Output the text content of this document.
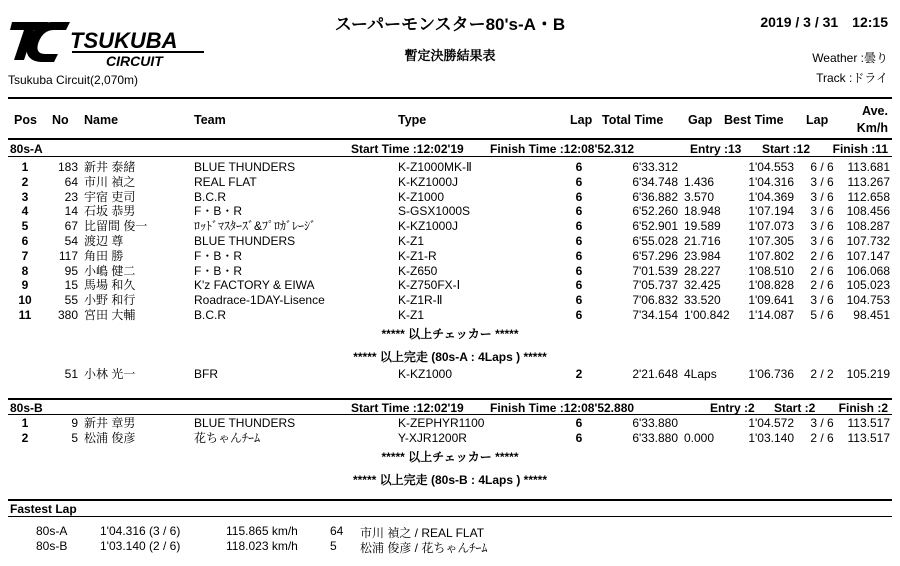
TSUKUBA
CIRCUIT
Tsukuba Circuit(2,070m)
スーパーモンスター80's-A・B
暫定決勝結果表
2019 / 3 / 31　12:15
Weather :曇り
Track :ドライ
Pos No Name	Team	Type	Lap Total Time Gap Best Time Lap
Ave.
Km/h
80s-A	Start Time :12:02'19 Finish Time :12:08'52.312	Entry :13 Start :12 Finish :11
1	183 新井 泰緒	BLUE THUNDERS	K-Z1000MK-Ⅱ	6	6'33.312	1'04.553	6 / 6	113.681
2	64 市川 禎之	REAL FLAT	K-KZ1000J	6	6'34.748 1.436	1'04.316	3 / 6	113.267
3	23 宇宿 吏司	B.C.R	K-Z1000	6	6'36.882 3.570	1'04.369	3 / 6	112.658
4	14 石坂 恭男	F・B・R	S-GSX1000S	6	6'52.260 18.948	1'07.194	3 / 6	108.456
5	67 比留間 俊一	ﾛｯﾄﾞﾏｽﾀｰｽﾞ&ﾌﾟﾛｶﾞﾚｰｼﾞ	K-KZ1000J	6	6'52.901 19.589	1'07.073	3 / 6	108.287
6	54 渡辺 尊	BLUE THUNDERS	K-Z1	6	6'55.028 21.716	1'07.305	3 / 6	107.732
7	117 角田 勝	F・B・R	K-Z1-R	6	6'57.296 23.984	1'07.802	2 / 6	107.147
8	95 小嶋 健二	F・B・R	K-Z650	6	7'01.539 28.227	1'08.510	2 / 6	106.068
9	15 馬場 和久	K'z FACTORY & EIWA	K-Z750FX-Ⅰ	6	7'05.737 32.425	1'08.828	2 / 6	105.023
10	55 小野 和行	Roadrace-1DAY-Lisence	K-Z1R-Ⅱ	6	7'06.832 33.520	1'09.641	3 / 6	104.753
11	380 宮田 大輔	B.C.R	K-Z1	6	7'34.154 1'00.842	1'14.087	5 / 6	98.451
***** 以上チェッカー *****
***** 以上完走 (80s-A : 4Laps ) *****
51 小林 光一	BFR	K-KZ1000	2	2'21.648 4Laps	1'06.736	2 / 2	105.219
80s-B	Start Time :12:02'19 Finish Time :12:08'52.880	Entry :2 Start :2 Finish :2
1	9 新井 章男	BLUE THUNDERS	K-ZEPHYR1100	6	6'33.880	1'04.572	3 / 6	113.517
2	5 松浦 俊彦	花ちゃんﾁｰﾑ	Y-XJR1200R	6	6'33.880 0.000	1'03.140	2 / 6	113.517
***** 以上チェッカー *****
***** 以上完走 (80s-B : 4Laps ) *****
Fastest Lap
80s-A	1'04.316 (3 / 6)	115.865 km/h	64 市川 禎之 / REAL FLAT
80s-B	1'03.140 (2 / 6)	118.023 km/h	5 松浦 俊彦 / 花ちゃんﾁｰﾑ
